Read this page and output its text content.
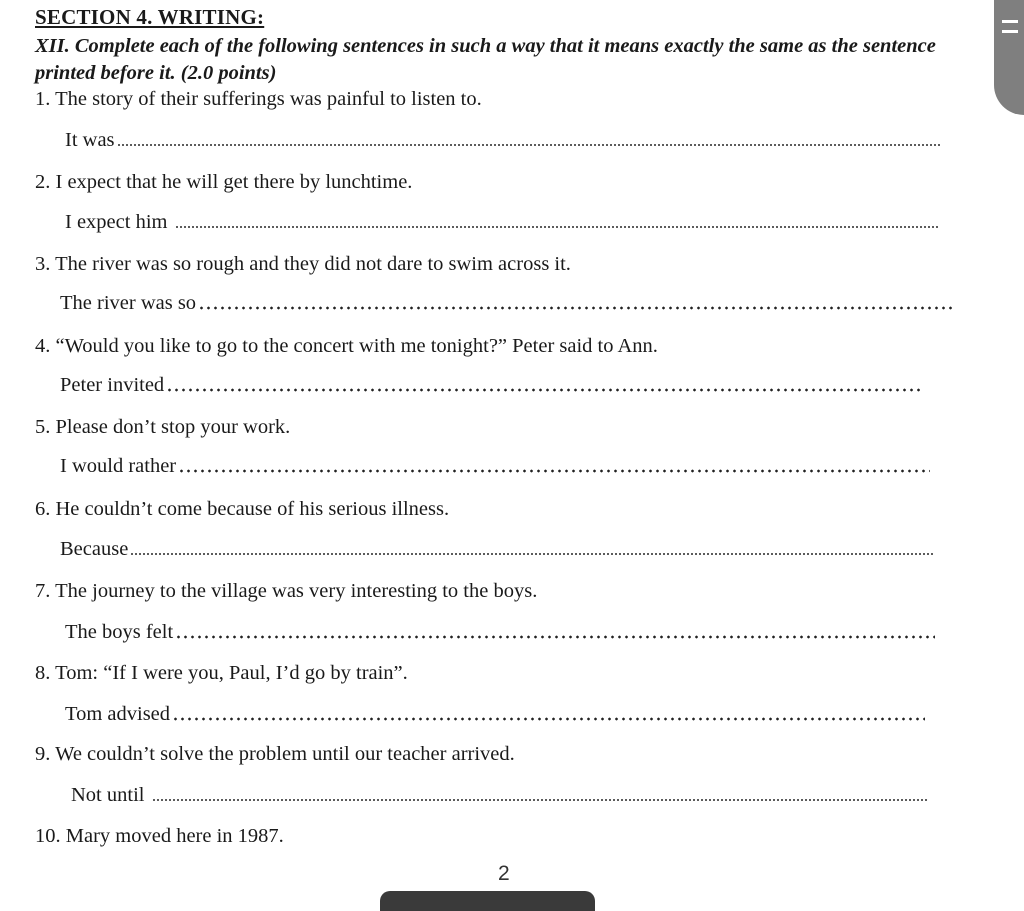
SECTION 4. WRITING:
XII. Complete each of the following sentences in such a way that it means exactly the same as the sentence printed before it. (2.0 points)
1. The story of their sufferings was painful to listen to.
It was
2. I expect that he will get there by lunchtime.
I expect him
3. The river was so rough and they did not dare to swim across it.
The river was so
4. “Would you like to go to the concert with me tonight?” Peter said to Ann.
Peter invited
5. Please don’t stop your work.
I would rather
6. He couldn’t come because of his serious illness.
Because
7. The journey to the village was very interesting to the boys.
The boys felt
8. Tom: “If I were you, Paul, I’d go by train”.
Tom advised
9. We couldn’t solve the problem until our teacher arrived.
Not until
10. Mary moved here in 1987.
2
